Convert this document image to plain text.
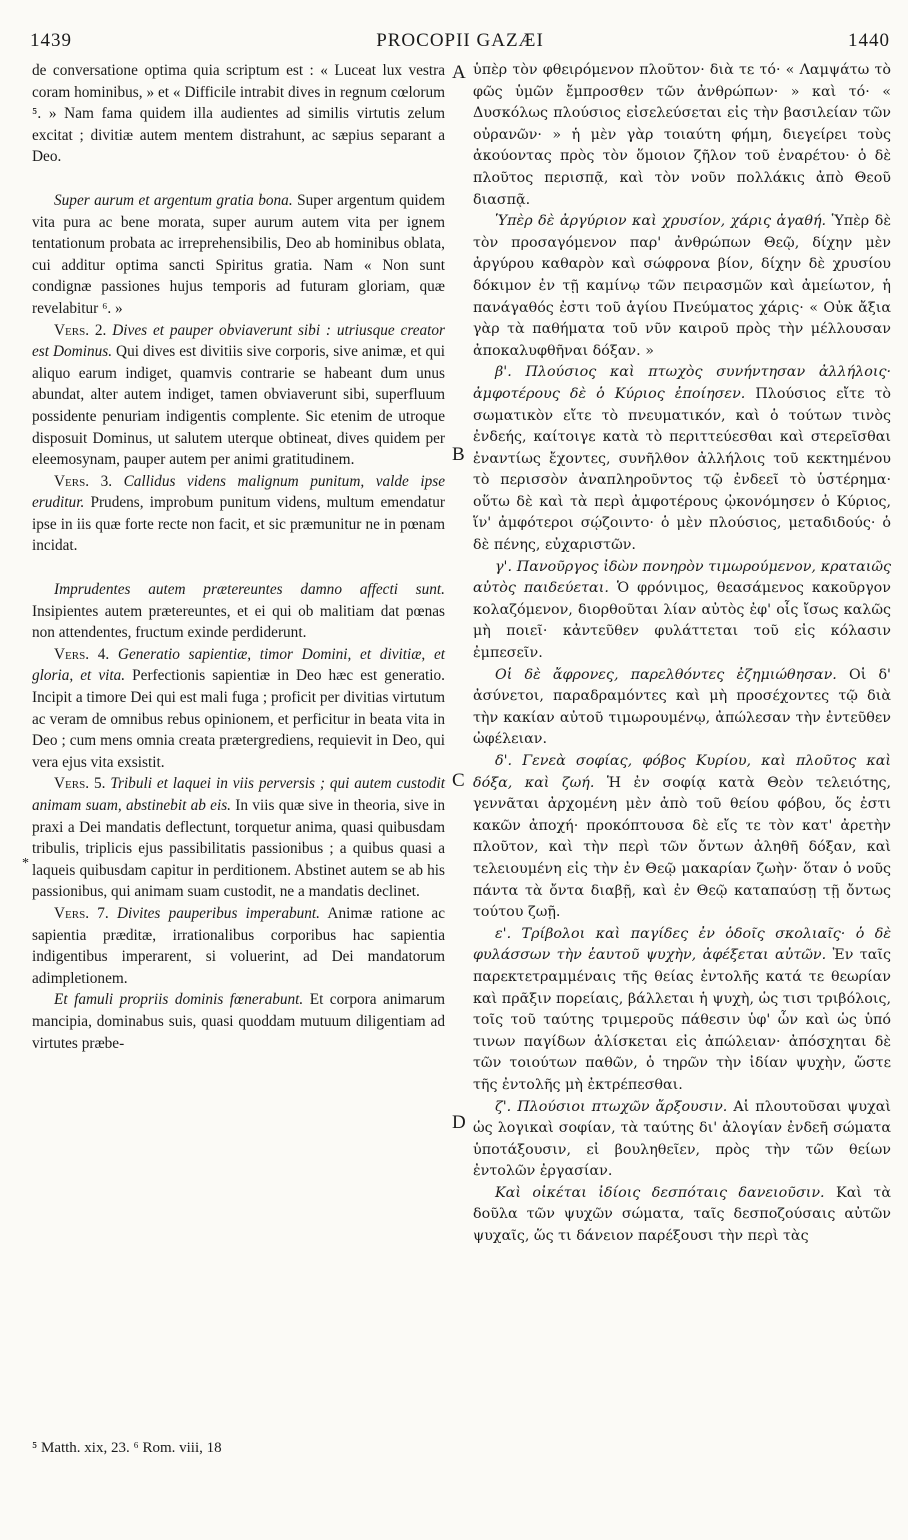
1439	PROCOPII GAZÆI	1440
A
B
C
D
*

de conversatione optima quia scriptum est : « Luceat lux vestra coram hominibus, » et « Difficile intrabit dives in regnum cœlorum ⁵. » Nam fama quidem illa audientes ad similis virtutis zelum excitat ; divitiæ autem mentem distrahunt, ac sæpius separant a Deo.

Super aurum et argentum gratia bona. Super argentum quidem vita pura ac bene morata, super aurum autem vita per ignem tentationum probata ac irreprehensibilis, Deo ab hominibus oblata, cui additur optima sancti Spiritus gratia. Nam « Non sunt condignæ passiones hujus temporis ad futuram gloriam, quæ revelabitur ⁶. »

Vers. 2. Dives et pauper obviaverunt sibi : utriusque creator est Dominus. Qui dives est divitiis sive corporis, sive animæ, et qui aliquo earum indiget, quamvis contrarie se habeant dum unus abundat, alter autem indiget, tamen obviaverunt sibi, superfluum possidente penuriam indigentis complente. Sic etenim de utroque disposuit Dominus, ut salutem uterque obtineat, dives quidem per eleemosynam, pauper autem per animi gratitudinem.

Vers. 3. Callidus videns malignum punitum, valde ipse eruditur. Prudens, improbum punitum videns, multum emendatur ipse in iis quæ forte recte non facit, et sic præmunitur ne in pœnam incidat.

Imprudentes autem prætereuntes damno affecti sunt. Insipientes autem prætereuntes, et ei qui ob malitiam dat pœnas non attendentes, fructum exinde perdiderunt.

Vers. 4. Generatio sapientiæ, timor Domini, et divitiæ, et gloria, et vita. Perfectionis sapientiæ in Deo hæc est generatio. Incipit a timore Dei qui est mali fuga ; proficit per divitias virtutum ac veram de omnibus rebus opinionem, et perficitur in beata vita in Deo ; cum mens omnia creata prætergrediens, requievit in Deo, qui vera ejus vita exsistit.

Vers. 5. Tribuli et laquei in viis perversis ; qui autem custodit animam suam, abstinebit ab eis. In viis quæ sive in theoria, sive in praxi a Dei mandatis deflectunt, torquetur anima, quasi quibusdam tribulis, triplicis ejus passibilitatis passionibus ; a quibus quasi a laqueis quibusdam capitur in perditionem. Abstinet autem se ab his passionibus, qui animam suam custodit, ne a mandatis declinet.

Vers. 7. Divites pauperibus imperabunt. Animæ ratione ac sapientia præditæ, irrationalibus corporibus hac sapientia indigentibus imperarent, si voluerint, ad Dei mandatorum adimpletionem.

Et famuli propriis dominis fœnerabunt. Et corpora animarum mancipia, dominabus suis, quasi quoddam mutuum diligentiam ad virtutes præbe-

ὑπὲρ τὸν φθειρόμενον πλοῦτον· διὰ τε τό· « Λαμψάτω τὸ φῶς ὑμῶν ἔμπροσθεν τῶν ἀνθρώπων· » καὶ τό· « Δυσκόλως πλούσιος εἰσελεύσεται εἰς τὴν βασιλείαν τῶν οὐρανῶν· » ἡ μὲν γὰρ τοιαύτη φήμη, διεγείρει τοὺς ἀκούοντας πρὸς τὸν ὅμοιον ζῆλον τοῦ ἐναρέτου· ὁ δὲ πλοῦτος περισπᾷ, καὶ τὸν νοῦν πολλάκις ἀπὸ Θεοῦ διασπᾷ.

Ὑπὲρ δὲ ἀργύριον καὶ χρυσίον, χάρις ἀγαθή. Ὑπὲρ δὲ τὸν προσαγόμενον παρ' ἀνθρώπων Θεῷ, δίχην μὲν ἀργύρου καθαρὸν καὶ σώφρονα βίον, δίχην δὲ χρυσίου δόκιμον ἐν τῇ καμίνῳ τῶν πειρασμῶν καὶ ἀμείωτον, ἡ πανάγαθός ἐστι τοῦ ἁγίου Πνεύματος χάρις· « Οὐκ ἄξια γὰρ τὰ παθήματα τοῦ νῦν καιροῦ πρὸς τὴν μέλλουσαν ἀποκαλυφθῆναι δόξαν. »

β'. Πλούσιος καὶ πτωχὸς συνήντησαν ἀλλήλοις· ἀμφοτέρους δὲ ὁ Κύριος ἐποίησεν. Πλούσιος εἴτε τὸ σωματικὸν εἴτε τὸ πνευματικόν, καὶ ὁ τούτων τινὸς ἐνδεής, καίτοιγε κατὰ τὸ περιττεύεσθαι καὶ στερεῖσθαι ἐναντίως ἔχοντες, συνῆλθον ἀλλήλοις τοῦ κεκτημένου τὸ περισσὸν ἀναπληροῦντος τῷ ἐνδεεῖ τὸ ὑστέρημα· οὕτω δὲ καὶ τὰ περὶ ἀμφοτέρους ᾠκονόμησεν ὁ Κύριος, ἵν' ἀμφότεροι σῴζοιντο· ὁ μὲν πλούσιος, μεταδιδούς· ὁ δὲ πένης, εὐχαριστῶν.

γ'. Πανοῦργος ἰδὼν πονηρὸν τιμωρούμενον, κραταιῶς αὐτὸς παιδεύεται. Ὁ φρόνιμος, θεασάμενος κακοῦργον κολαζόμενον, διορθοῦται λίαν αὐτὸς ἐφ' οἷς ἴσως καλῶς μὴ ποιεῖ· κἀντεῦθεν φυλάττεται τοῦ εἰς κόλασιν ἐμπεσεῖν.

Οἱ δὲ ἄφρονες, παρελθόντες ἐζημιώθησαν. Οἱ δ' ἀσύνετοι, παραδραμόντες καὶ μὴ προσέχοντες τῷ διὰ τὴν κακίαν αὐτοῦ τιμωρουμένῳ, ἀπώλεσαν τὴν ἐντεῦθεν ὠφέλειαν.

δ'. Γενεὰ σοφίας, φόβος Κυρίου, καὶ πλοῦτος καὶ δόξα, καὶ ζωή. Ἡ ἐν σοφίᾳ κατὰ Θεὸν τελειότης, γεννᾶται ἀρχομένη μὲν ἀπὸ τοῦ θείου φόβου, ὅς ἐστι κακῶν ἀποχή· προκόπτουσα δὲ εἴς τε τὸν κατ' ἀρετὴν πλοῦτον, καὶ τὴν περὶ τῶν ὄντων ἀληθῆ δόξαν, καὶ τελειουμένη εἰς τὴν ἐν Θεῷ μακαρίαν ζωὴν· ὅταν ὁ νοῦς πάντα τὰ ὄντα διαβῇ, καὶ ἐν Θεῷ καταπαύσῃ τῇ ὄντως τούτου ζωῇ.

ε'. Τρίβολοι καὶ παγίδες ἐν ὁδοῖς σκολιαῖς· ὁ δὲ φυλάσσων τὴν ἑαυτοῦ ψυχὴν, ἀφέξεται αὐτῶν. Ἐν ταῖς παρεκτετραμμέναις τῆς θείας ἐντολῆς κατά τε θεωρίαν καὶ πρᾶξιν πορείαις, βάλλεται ἡ ψυχὴ, ὡς τισι τριβόλοις, τοῖς τοῦ ταύτης τριμεροῦς πάθεσιν ὑφ' ὧν καὶ ὡς ὑπό τινων παγίδων ἁλίσκεται εἰς ἀπώλειαν· ἀπόσχηται δὲ τῶν τοιούτων παθῶν, ὁ τηρῶν τὴν ἰδίαν ψυχὴν, ὥστε τῆς ἐντολῆς μὴ ἐκτρέπεσθαι.

ζ'. Πλούσιοι πτωχῶν ἄρξουσιν. Αἱ πλουτοῦσαι ψυχαὶ ὡς λογικαὶ σοφίαν, τὰ ταύτης δι' ἀλογίαν ἐνδεῆ σώματα ὑποτάξουσιν, εἰ βουληθεῖεν, πρὸς τὴν τῶν θείων ἐντολῶν ἐργασίαν.

Καὶ οἰκέται ἰδίοις δεσπόταις δανειοῦσιν. Καὶ τὰ δοῦλα τῶν ψυχῶν σώματα, ταῖς δεσποζούσαις αὐτῶν ψυχαῖς, ὥς τι δάνειον παρέξουσι τὴν περὶ τὰς

⁵ Matth. xix, 23. ⁶ Rom. viii, 18
